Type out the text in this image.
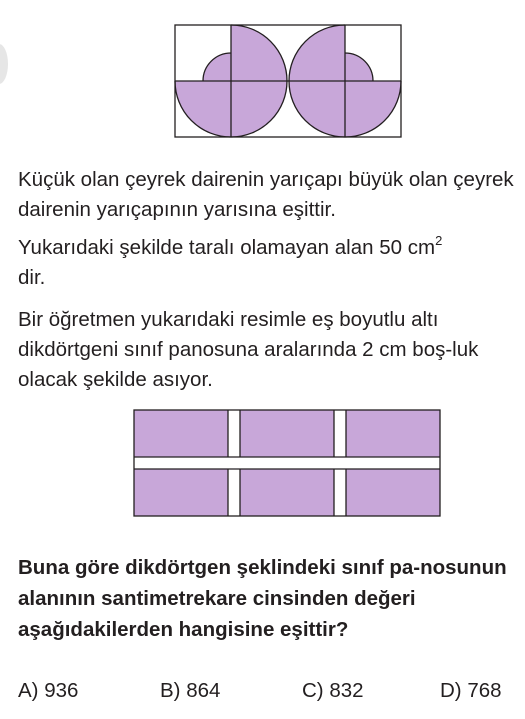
Küçük olan çeyrek dairenin yarıçapı büyük olan çeyrek dairenin yarıçapının yarısına eşittir.

Yukarıdaki şekilde taralı olamayan alan 50 $cm^2$
dir.

Bir öğretmen yukarıdaki resimle eş boyutlu altı dikdörtgeni sınıf panosuna aralarında 2 cm boş-luk olacak şekilde asıyor.

Buna göre dikdörtgen şeklindeki sınıf pa-nosunun alanının santimetrekare cinsinden değeri aşağıdakilerden hangisine eşittir?

A) 936	B) 864	C) 832	D) 768
